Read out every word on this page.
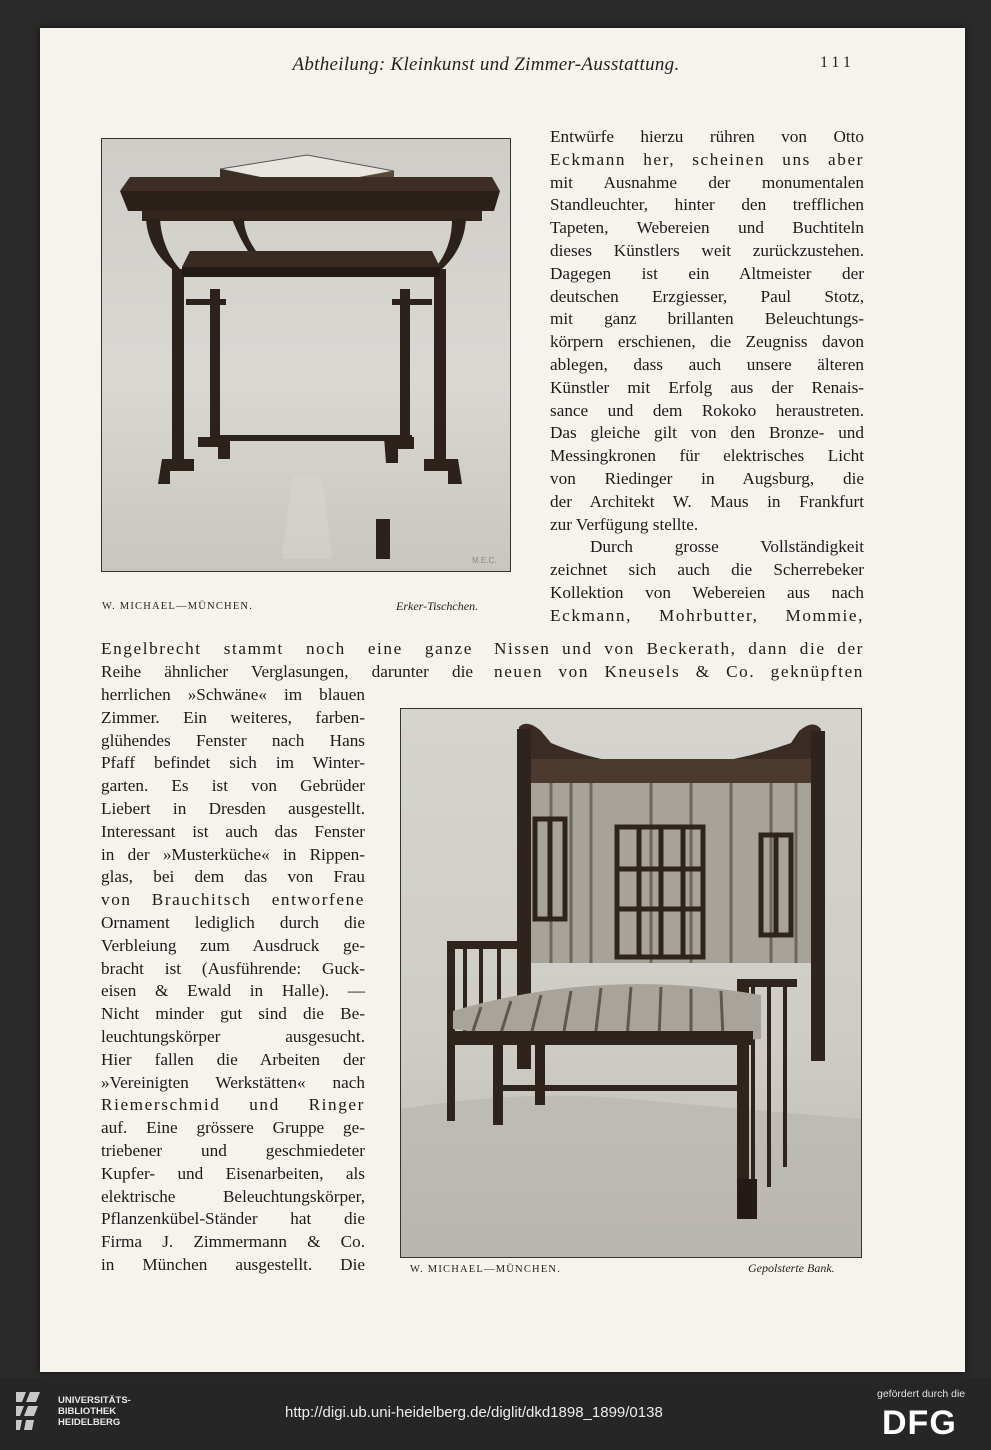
Abtheilung: Kleinkunst und Zimmer-Ausstattung.	111
M.E.C.
W. MICHAEL—MÜNCHEN.	Erker-Tischchen.
Entwürfe hierzu rühren von Otto
Eckmann her, scheinen uns aber
mit Ausnahme der monumentalen
Standleuchter, hinter den trefflichen
Tapeten, Webereien und Buchtiteln
dieses Künstlers weit zurückzustehen.
Dagegen ist ein Altmeister der
deutschen Erzgiesser, Paul Stotz,
mit ganz brillanten Beleuchtungs-
körpern erschienen, die Zeugniss davon
ablegen, dass auch unsere älteren
Künstler mit Erfolg aus der Renais-
sance und dem Rokoko heraustreten.
Das gleiche gilt von den Bronze- und
Messingkronen für elektrisches Licht
von Riedinger in Augsburg, die
der Architekt W. Maus in Frankfurt
zur Verfügung stellte.
Durch grosse Vollständigkeit
zeichnet sich auch die Scherrebeker
Kollektion von Webereien aus nach
Eckmann, Mohrbutter, Mommie,
Engelbrecht stammt noch eine ganze Nissen und von Beckerath, dann die der
Reihe ähnlicher Verglasungen, darunter die neuen von Kneusels & Co. geknüpften
herrlichen »Schwäne« im blauen
Zimmer. Ein weiteres, farben-
glühendes Fenster nach Hans
Pfaff befindet sich im Winter-
garten. Es ist von Gebrüder
Liebert in Dresden ausgestellt.
Interessant ist auch das Fenster
in der »Musterküche« in Rippen-
glas, bei dem das von Frau
von Brauchitsch entworfene
Ornament lediglich durch die
Verbleiung zum Ausdruck ge-
bracht ist (Ausführende: Guck-
eisen & Ewald in Halle). —
Nicht minder gut sind die Be-
leuchtungskörper ausgesucht.
Hier fallen die Arbeiten der
»Vereinigten Werkstätten« nach
Riemerschmid und Ringer
auf. Eine grössere Gruppe ge-
triebener und geschmiedeter
Kupfer- und Eisenarbeiten, als
elektrische Beleuchtungskörper,
Pflanzenkübel-Ständer hat die
Firma J. Zimmermann & Co.
in München ausgestellt. Die	W. MICHAEL—MÜNCHEN.	Gepolsterte Bank.
UNIVERSITÄTS-
BIBLIOTHEK
HEIDELBERG
http://digi.ub.uni-heidelberg.de/diglit/dkd1898_1899/0138
gefördert durch die
DFG
